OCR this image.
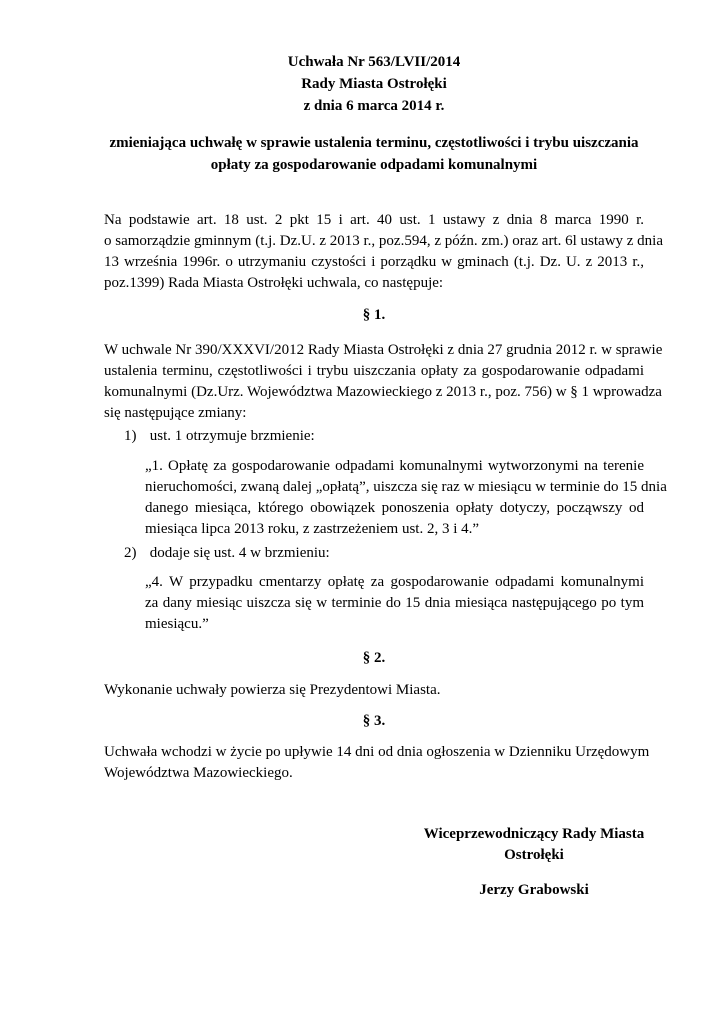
Uchwała Nr 563/LVII/2014
Rady Miasta Ostrołęki
z dnia 6 marca 2014 r.
zmieniająca uchwałę w sprawie ustalenia terminu, częstotliwości i trybu uiszczania
opłaty za gospodarowanie odpadami komunalnymi
Na podstawie art. 18 ust. 2 pkt 15 i art. 40 ust. 1 ustawy z dnia 8 marca 1990 r.
o samorządzie gminnym (t.j. Dz.U. z 2013 r., poz.594, z późn. zm.) oraz art. 6l ustawy z dnia
13 września 1996r. o utrzymaniu czystości i porządku w gminach (t.j. Dz. U. z 2013 r.,
poz.1399) Rada Miasta Ostrołęki uchwala, co następuje:
§ 1.
W uchwale Nr 390/XXXVI/2012 Rady Miasta Ostrołęki z dnia 27 grudnia 2012 r. w sprawie
ustalenia terminu, częstotliwości i trybu uiszczania opłaty za gospodarowanie odpadami
komunalnymi (Dz.Urz. Województwa Mazowieckiego z 2013 r., poz. 756) w § 1 wprowadza
się następujące zmiany:
1) ust. 1 otrzymuje brzmienie:
„1. Opłatę za gospodarowanie odpadami komunalnymi wytworzonymi na terenie
nieruchomości, zwaną dalej „opłatą”, uiszcza się raz w miesiącu w terminie do 15 dnia
danego miesiąca, którego obowiązek ponoszenia opłaty dotyczy, począwszy od
miesiąca lipca 2013 roku, z zastrzeżeniem ust. 2, 3 i 4.”
2) dodaje się ust. 4 w brzmieniu:
„4. W przypadku cmentarzy opłatę za gospodarowanie odpadami komunalnymi
za dany miesiąc uiszcza się w terminie do 15 dnia miesiąca następującego po tym
miesiącu.”
§ 2.
Wykonanie uchwały powierza się Prezydentowi Miasta.
§ 3.
Uchwała wchodzi w życie po upływie 14 dni od dnia ogłoszenia w Dzienniku Urzędowym
Województwa Mazowieckiego.
Wiceprzewodniczący Rady Miasta
Ostrołęki
Jerzy Grabowski
